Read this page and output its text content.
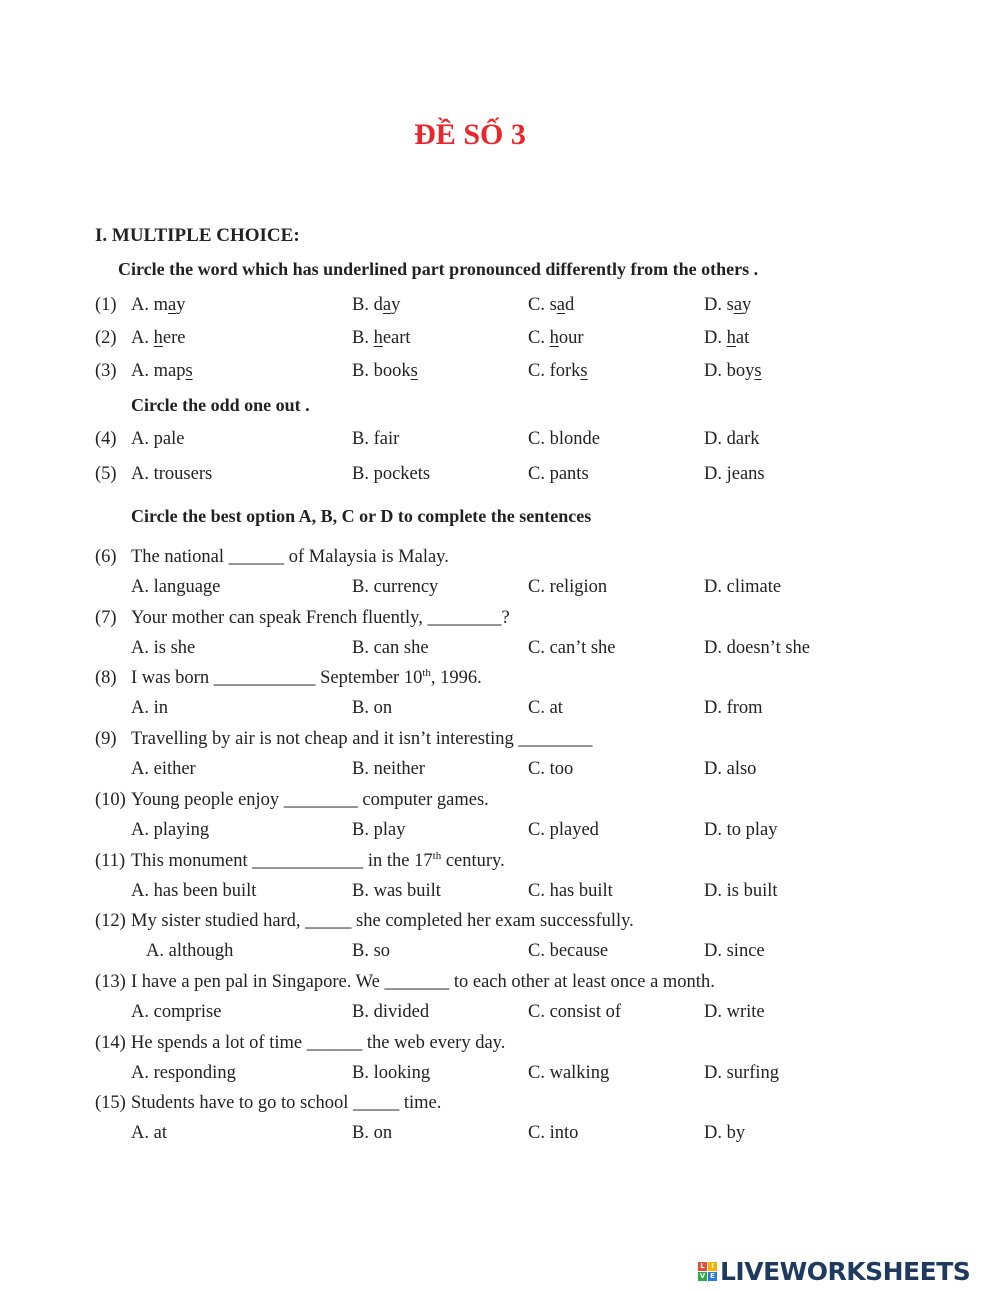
ĐỀ SỐ 3
I. MULTIPLE CHOICE:
Circle the word which has underlined part pronounced differently from the others .
(1) A. may	B. day	C. sad	D. say
(2) A. here	B. heart	C. hour	D. hat
(3) A. maps	B. books	C. forks	D. boys
Circle the odd one out .
(4) A. pale	B. fair	C. blonde	D. dark
(5) A. trousers	B. pockets	C. pants	D. jeans
Circle the best option A, B, C or D to complete the sentences
(6) The national ______ of Malaysia is Malay.
A. language	B. currency	C. religion	D. climate
(7) Your mother can speak French fluently, ________?
A. is she	B. can she	C. can’t she	D. doesn’t she
(8) I was born ___________ September 10th, 1996.
A. in	B. on	C. at	D. from
(9) Travelling by air is not cheap and it isn’t interesting ________
A. either	B. neither	C. too	D. also
(10) Young people enjoy ________ computer games.
A. playing	B. play	C. played	D. to play
(11) This monument ____________ in the 17th century.
A. has been built	B. was built	C. has built	D. is built
(12) My sister studied hard, _____ she completed her exam successfully.
A. although	B. so	C. because	D. since
(13) I have a pen pal in Singapore. We _______ to each other at least once a month.
A. comprise	B. divided	C. consist of	D. write
(14) He spends a lot of time ______ the web every day.
A. responding	B. looking	C. walking	D. surfing
(15) Students have to go to school _____ time.
A. at	B. on	C. into	D. by
L I
V E LIVEWORKSHEETS
